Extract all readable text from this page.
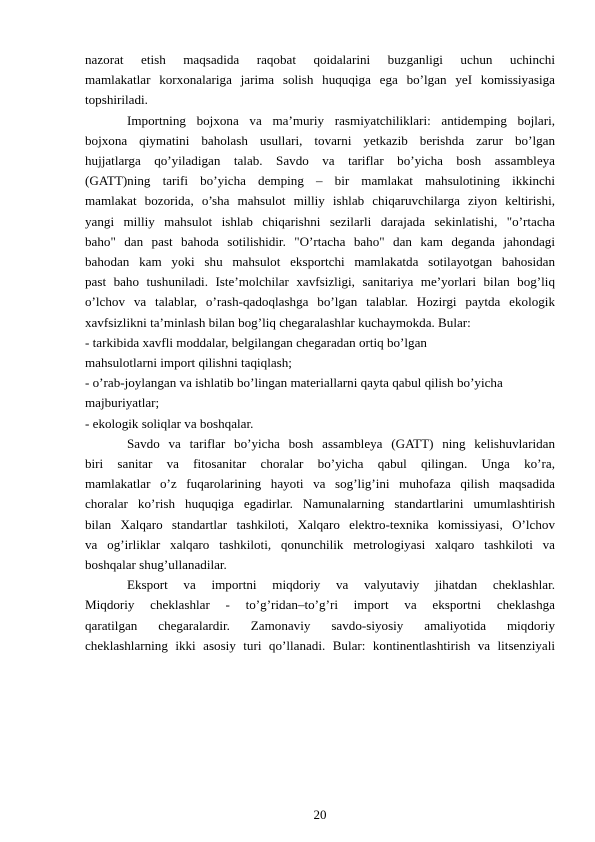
nazorat etish maqsadida raqobat qoidalarini buzganligi uchun uchinchi
mamlakatlar korxonalariga jarima solish huquqiga ega bo’lgan yeI komissiyasiga
topshiriladi.
Importning bojxona va ma’muriy rasmiyatchiliklari: antidemping bojlari,
bojxona qiymatini baholash usullari, tovarni yetkazib berishda zarur bo’lgan
hujjatlarga qo’yiladigan talab. Savdo va tariflar bo’yicha bosh assambleya
(GATT)ning tarifi bo’yicha demping – bir mamlakat mahsulotining ikkinchi
mamlakat bozorida, o’sha mahsulot milliy ishlab chiqaruvchilarga ziyon keltirishi,
yangi milliy mahsulot ishlab chiqarishni sezilarli darajada sekinlatishi, "o’rtacha
baho" dan past bahoda sotilishidir. "O’rtacha baho" dan kam deganda jahondagi
bahodan kam yoki shu mahsulot eksportchi mamlakatda sotilayotgan bahosidan
past baho tushuniladi. Iste’molchilar xavfsizligi, sanitariya me’yorlari bilan bog’liq
o’lchov va talablar, o’rash-qadoqlashga bo’lgan talablar. Hozirgi paytda ekologik
xavfsizlikni ta’minlash bilan bog’liq chegaralashlar kuchaymokda. Bular:
- tarkibida xavfli moddalar, belgilangan chegaradan ortiq bo’lgan
mahsulotlarni import qilishni taqiqlash;
- o’rab-joylangan va ishlatib bo’lingan materiallarni qayta qabul qilish bo’yicha
majburiyatlar;
- ekologik soliqlar va boshqalar.
Savdo va tariflar bo’yicha bosh assambleya (GATT) ning kelishuvlaridan
biri sanitar va fitosanitar choralar bo’yicha qabul qilingan. Unga ko’ra,
mamlakatlar o’z fuqarolarining hayoti va sog’lig’ini muhofaza qilish maqsadida
choralar ko’rish huquqiga egadirlar. Namunalarning standartlarini umumlashtirish
bilan Xalqaro standartlar tashkiloti, Xalqaro elektro-texnika komissiyasi, O’lchov
va og’irliklar xalqaro tashkiloti, qonunchilik metrologiyasi xalqaro tashkiloti va
boshqalar shug’ullanadilar.
Eksport va importni miqdoriy va valyutaviy jihatdan cheklashlar.
Miqdoriy cheklashlar - to’g’ridan–to’g’ri import va eksportni cheklashga
qaratilgan chegaralardir. Zamonaviy savdo-siyosiy amaliyotida miqdoriy
cheklashlarning ikki asosiy turi qo’llanadi. Bular: kontinentlashtirish va litsenziyali
20
